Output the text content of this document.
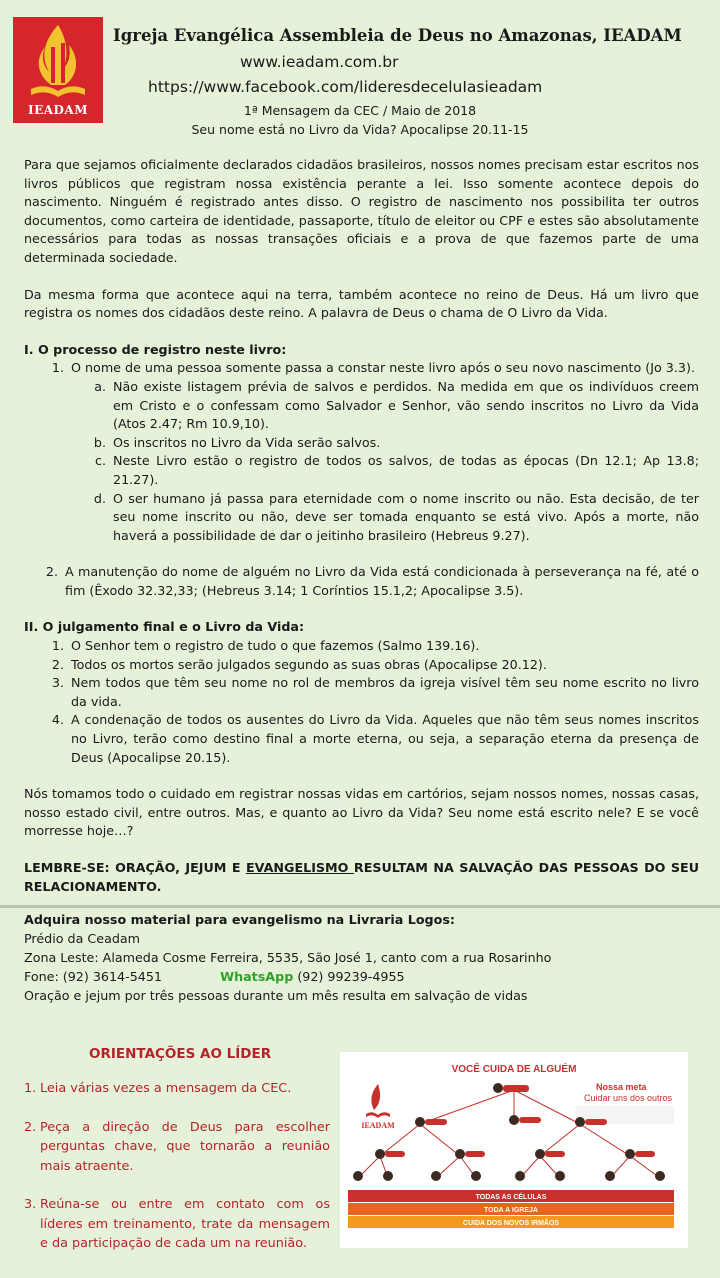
IEADAM
Igreja Evangélica Assembleia de Deus no Amazonas, IEADAM
www.ieadam.com.br
https://www.facebook.com/lideresdeceluIasieadam
1ª Mensagem da CEC / Maio de 2018
Seu nome está no Livro da Vida? Apocalipse 20.11-15

Para que sejamos oficialmente declarados cidadãos brasileiros, nossos nomes precisam estar escritos nos livros públicos que registram nossa existência perante a lei. Isso somente acontece depois do nascimento. Ninguém é registrado antes disso. O registro de nascimento nos possibilita ter outros documentos, como carteira de identidade, passaporte, título de eleitor ou CPF e estes são absolutamente necessários para todas as nossas transações oficiais e a prova de que fazemos parte de uma determinada sociedade.

Da mesma forma que acontece aqui na terra, também acontece no reino de Deus. Há um livro que registra os nomes dos cidadãos deste reino. A palavra de Deus o chama de O Livro da Vida.

I. O processo de registro neste livro:

1. O nome de uma pessoa somente passa a constar neste livro após o seu novo nascimento (Jo 3.3).
a. Não existe listagem prévia de salvos e perdidos. Na medida em que os indivíduos creem em Cristo e o confessam como Salvador e Senhor, vão sendo inscritos no Livro da Vida (Atos 2.47; Rm 10.9,10).
b. Os inscritos no Livro da Vida serão salvos.
c. Neste Livro estão o registro de todos os salvos, de todas as épocas (Dn 12.1; Ap 13.8; 21.27).
d. O ser humano já passa para eternidade com o nome inscrito ou não. Esta decisão, de ter seu nome inscrito ou não, deve ser tomada enquanto se está vivo. Após a morte, não haverá a possibilidade de dar o jeitinho brasileiro (Hebreus 9.27).
2. A manutenção do nome de alguém no Livro da Vida está condicionada à perseverança na fé, até o fim (Êxodo 32.32,33; (Hebreus 3.14; 1 Coríntios 15.1,2; Apocalipse 3.5).

II. O julgamento final e o Livro da Vida:

1. O Senhor tem o registro de tudo o que fazemos (Salmo 139.16).
2. Todos os mortos serão julgados segundo as suas obras (Apocalipse 20.12).
3. Nem todos que têm seu nome no rol de membros da igreja visível têm seu nome escrito no livro da vida.
4. A condenação de todos os ausentes do Livro da Vida. Aqueles que não têm seus nomes inscritos no Livro, terão como destino final a morte eterna, ou seja, a separação eterna da presença de Deus (Apocalipse 20.15).

Nós tomamos todo o cuidado em registrar nossas vidas em cartórios, sejam nossos nomes, nossas casas, nosso estado civil, entre outros. Mas, e quanto ao Livro da Vida? Seu nome está escrito nele? E se você morresse hoje…?

LEMBRE-SE: ORAÇÃO, JEJUM E EVANGELISMO RESULTAM NA SALVAÇÃO DAS PESSOAS DO SEU RELACIONAMENTO.

Adquira nosso material para evangelismo na Livraria Logos:
Prédio da Ceadam
Zona Leste: Alameda Cosme Ferreira, 5535, São José 1, canto com a rua Rosarinho
Fone: (92) 3614-5451	WhatsApp (92) 99239-4955
Oração e jejum por três pessoas durante um mês resulta em salvação de vidas
ORIENTAÇÕES AO LÍDER
1. Leia várias vezes a mensagem da CEC.
2. Peça a direção de Deus para escolher perguntas chave, que tornarão a reunião mais atraente.
3. Reúna-se ou entre em contato com os líderes em treinamento, trate da mensagem e da participação de cada um na reunião.
VOCÊ CUIDA DE ALGUÉM
IEADAM
Nossa meta
Cuidar uns dos outros
TODAS AS CÉLULAS
TODA A IGREJA
CUIDA DOS NOVOS IRMÃOS
